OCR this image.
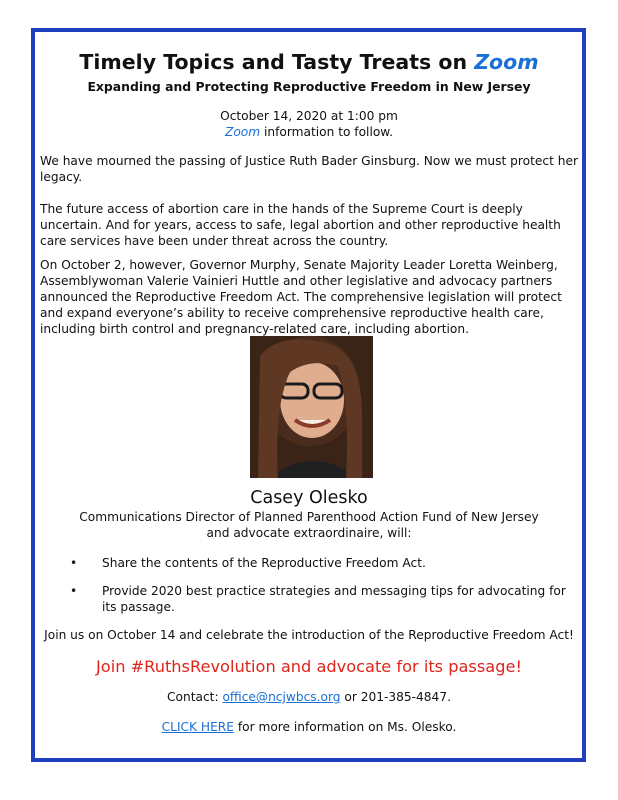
Timely Topics and Tasty Treats on Zoom
Expanding and Protecting Reproductive Freedom in New Jersey
October 14, 2020 at 1:00 pm
Zoom information to follow.
We have mourned the passing of Justice Ruth Bader Ginsburg. Now we must protect her legacy.
The future access of abortion care in the hands of the Supreme Court is deeply uncertain. And for years, access to safe, legal abortion and other reproductive health care services have been under threat across the country.
On October 2, however, Governor Murphy, Senate Majority Leader Loretta Weinberg, Assemblywoman Valerie Vainieri Huttle and other legislative and advocacy partners announced the Reproductive Freedom Act. The comprehensive legislation will protect and expand everyone’s ability to receive comprehensive reproductive health care, including birth control and pregnancy-related care, including abortion.
Casey Olesko
Communications Director of Planned Parenthood Action Fund of New Jersey
and advocate extraordinaire, will:
• Share the contents of the Reproductive Freedom Act.
• Provide 2020 best practice strategies and messaging tips for advocating for its passage.
Join us on October 14 and celebrate the introduction of the Reproductive Freedom Act!
Join #RuthsRevolution and advocate for its passage!
Contact: office@ncjwbcs.org or 201-385-4847.
CLICK HERE for more information on Ms. Olesko.
